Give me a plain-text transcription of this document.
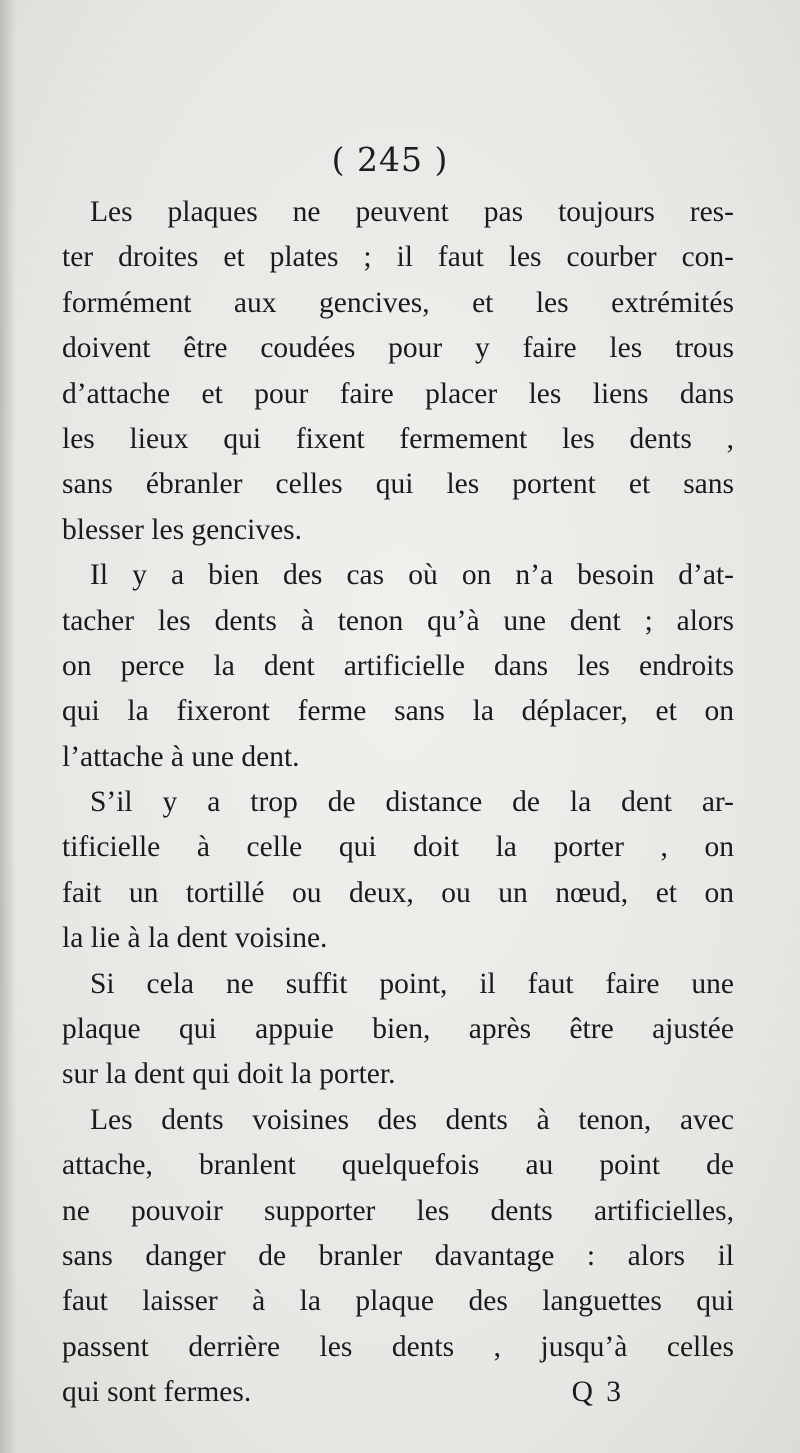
( 245 )

Les plaques ne peuvent pas toujours res-
ter droites et plates ; il faut les courber con-
formément aux gencives, et les extrémités
doivent être coudées pour y faire les trous
d’attache et pour faire placer les liens dans
les lieux qui fixent fermement les dents ,
sans ébranler celles qui les portent et sans
blesser les gencives.

Il y a bien des cas où on n’a besoin d’at-
tacher les dents à tenon qu’à une dent ; alors
on perce la dent artificielle dans les endroits
qui la fixeront ferme sans la déplacer, et on
l’attache à une dent.

S’il y a trop de distance de la dent ar-
tificielle à celle qui doit la porter , on
fait un tortillé ou deux, ou un nœud, et on
la lie à la dent voisine.

Si cela ne suffit point, il faut faire une
plaque qui appuie bien, après être ajustée
sur la dent qui doit la porter.

Les dents voisines des dents à tenon, avec
attache, branlent quelquefois au point de
ne pouvoir supporter les dents artificielles,
sans danger de branler davantage : alors il
faut laisser à la plaque des languettes qui
passent derrière les dents , jusqu’à celles
qui sont fermes.	Q 3
